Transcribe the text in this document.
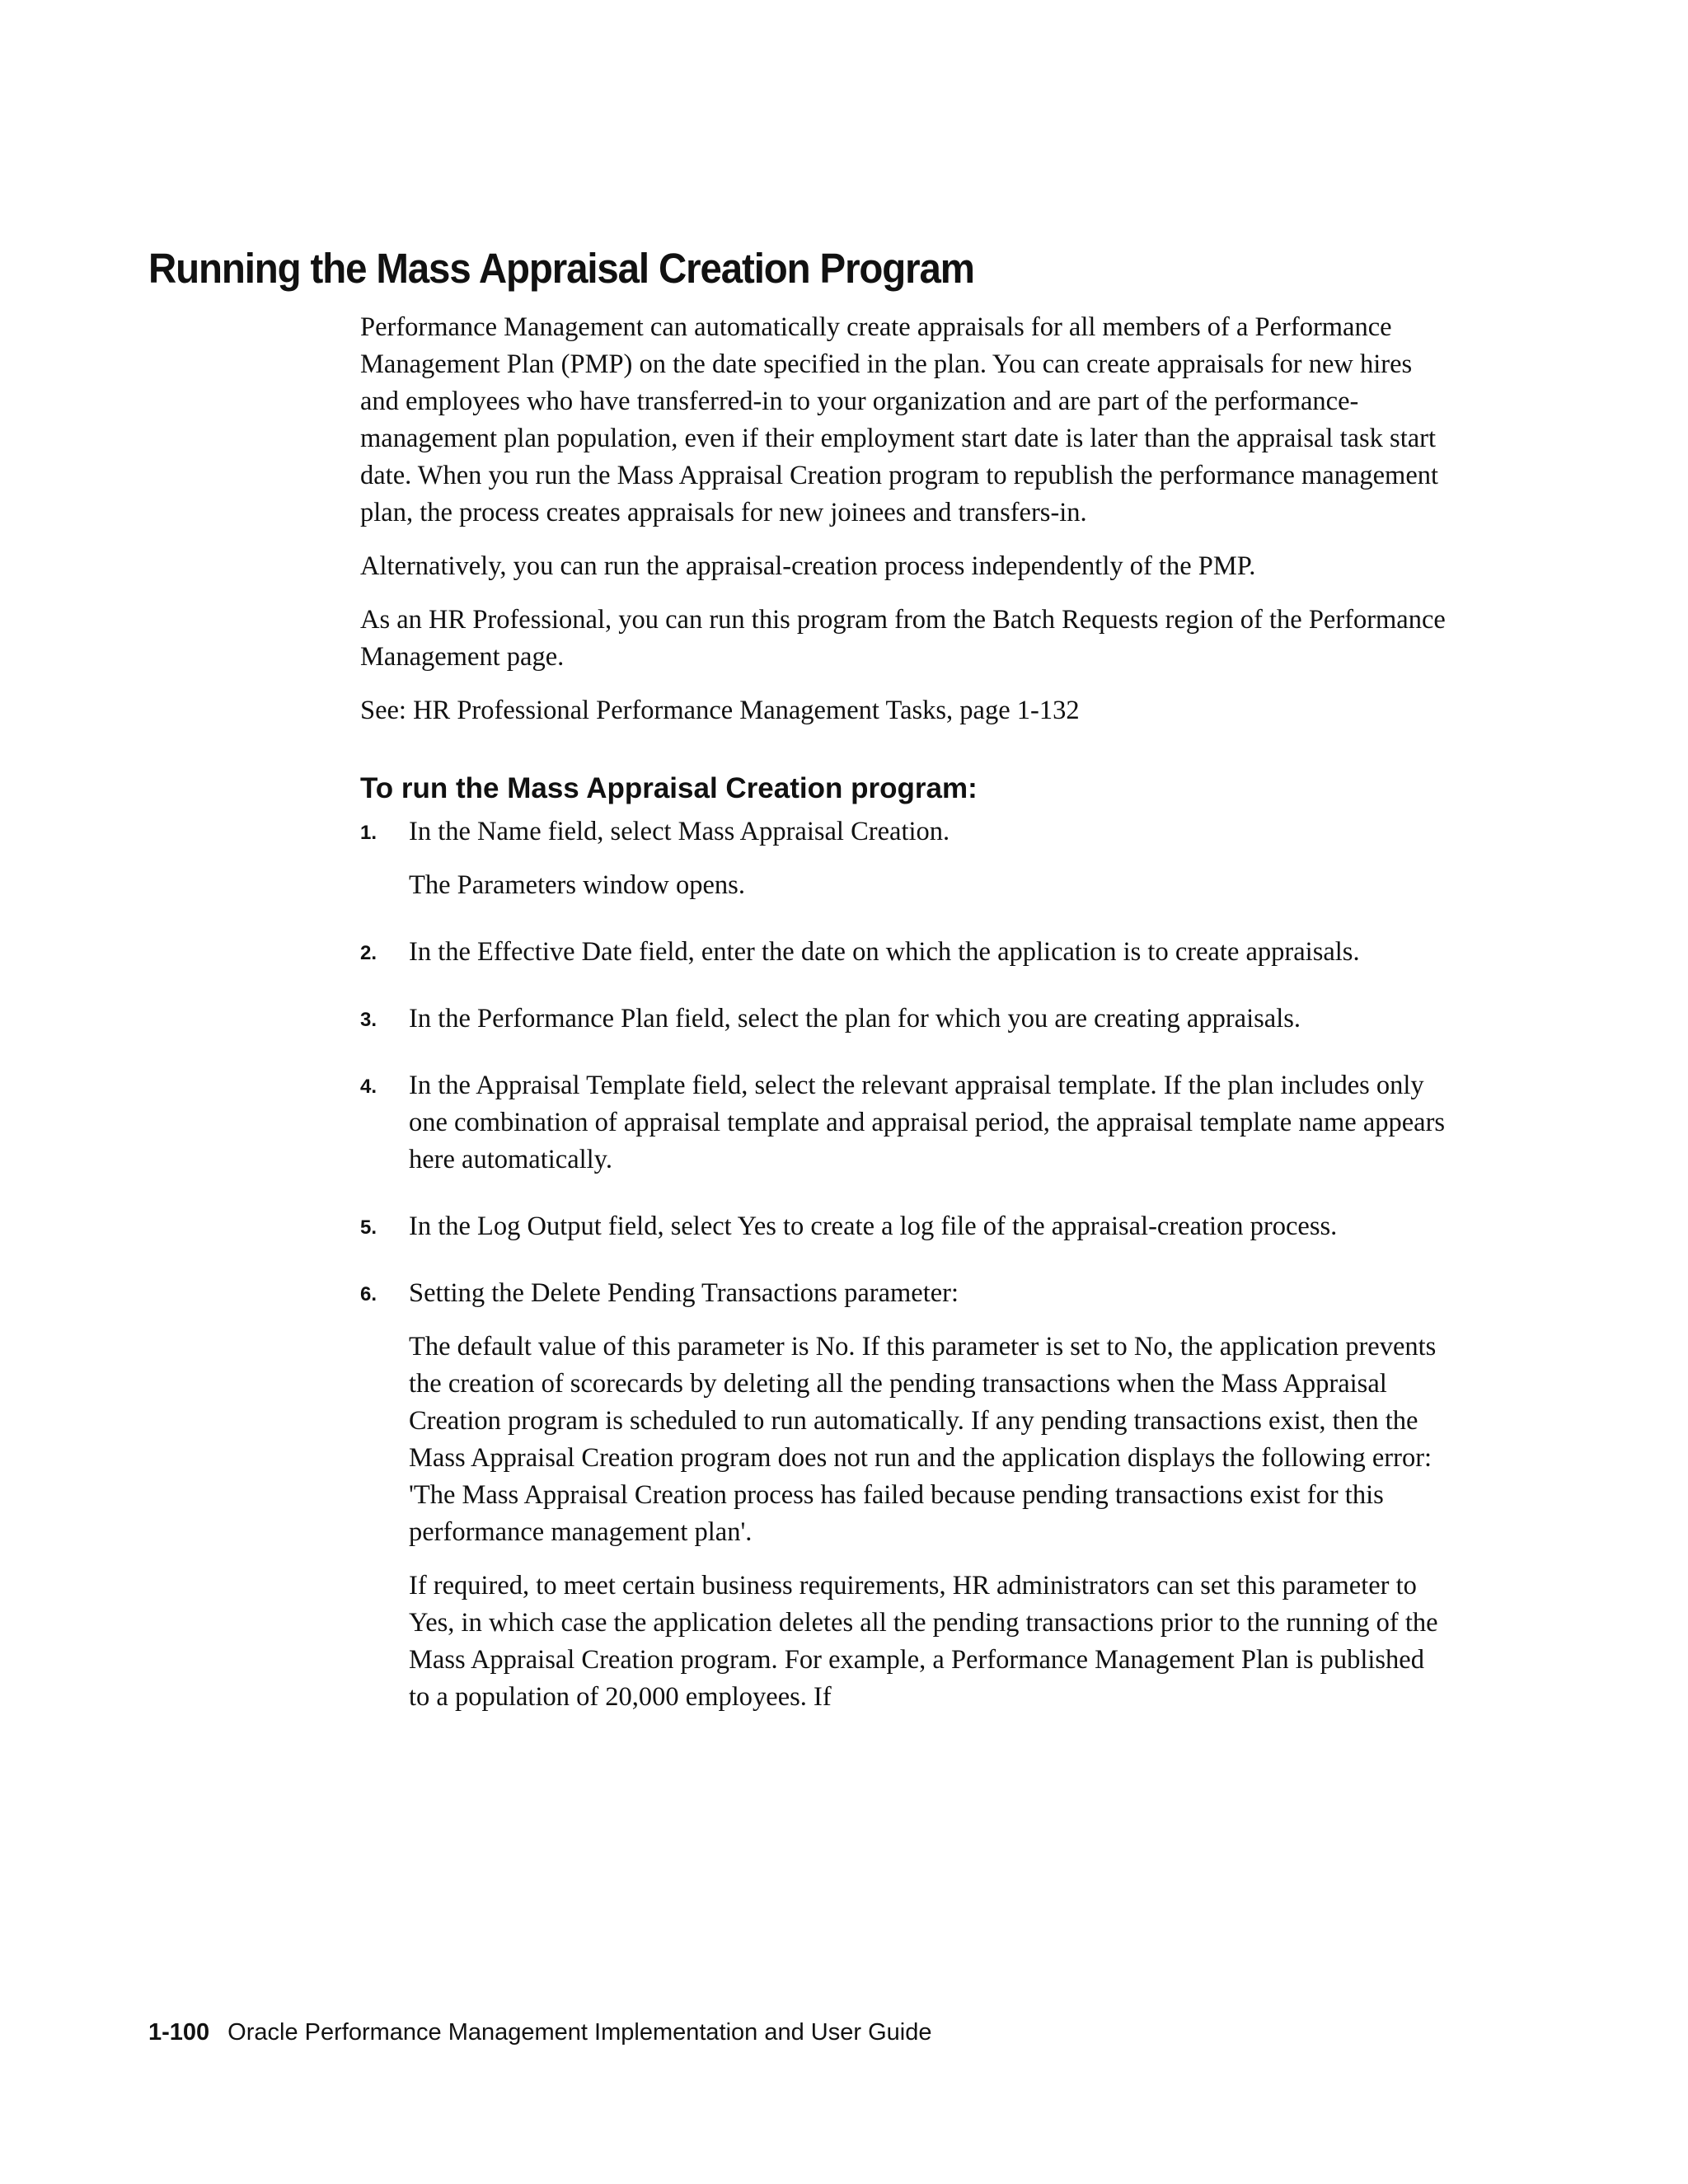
Running the Mass Appraisal Creation Program

Performance Management can automatically create appraisals for all members of a Performance Management Plan (PMP) on the date specified in the plan. You can create appraisals for new hires and employees who have transferred-in to your organization and are part of the performance-management plan population, even if their employment start date is later than the appraisal task start date. When you run the Mass Appraisal Creation program to republish the performance management plan, the process creates appraisals for new joinees and transfers-in.

Alternatively, you can run the appraisal-creation process independently of the PMP.

As an HR Professional, you can run this program from the Batch Requests region of the Performance Management page.

See: HR Professional Performance Management Tasks, page 1-132

To run the Mass Appraisal Creation program:
1. In the Name field, select Mass Appraisal Creation.

The Parameters window opens.

2. In the Effective Date field, enter the date on which the application is to create appraisals.

3. In the Performance Plan field, select the plan for which you are creating appraisals.

4. In the Appraisal Template field, select the relevant appraisal template. If the plan includes only one combination of appraisal template and appraisal period, the appraisal template name appears here automatically.

5. In the Log Output field, select Yes to create a log file of the appraisal-creation process.

6. Setting the Delete Pending Transactions parameter:

The default value of this parameter is No. If this parameter is set to No, the application prevents the creation of scorecards by deleting all the pending transactions when the Mass Appraisal Creation program is scheduled to run automatically. If any pending transactions exist, then the Mass Appraisal Creation program does not run and the application displays the following error: 'The Mass Appraisal Creation process has failed because pending transactions exist for this performance management plan'.

If required, to meet certain business requirements, HR administrators can set this parameter to Yes, in which case the application deletes all the pending transactions prior to the running of the Mass Appraisal Creation program. For example, a Performance Management Plan is published to a population of 20,000 employees. If

1-100 Oracle Performance Management Implementation and User Guide
